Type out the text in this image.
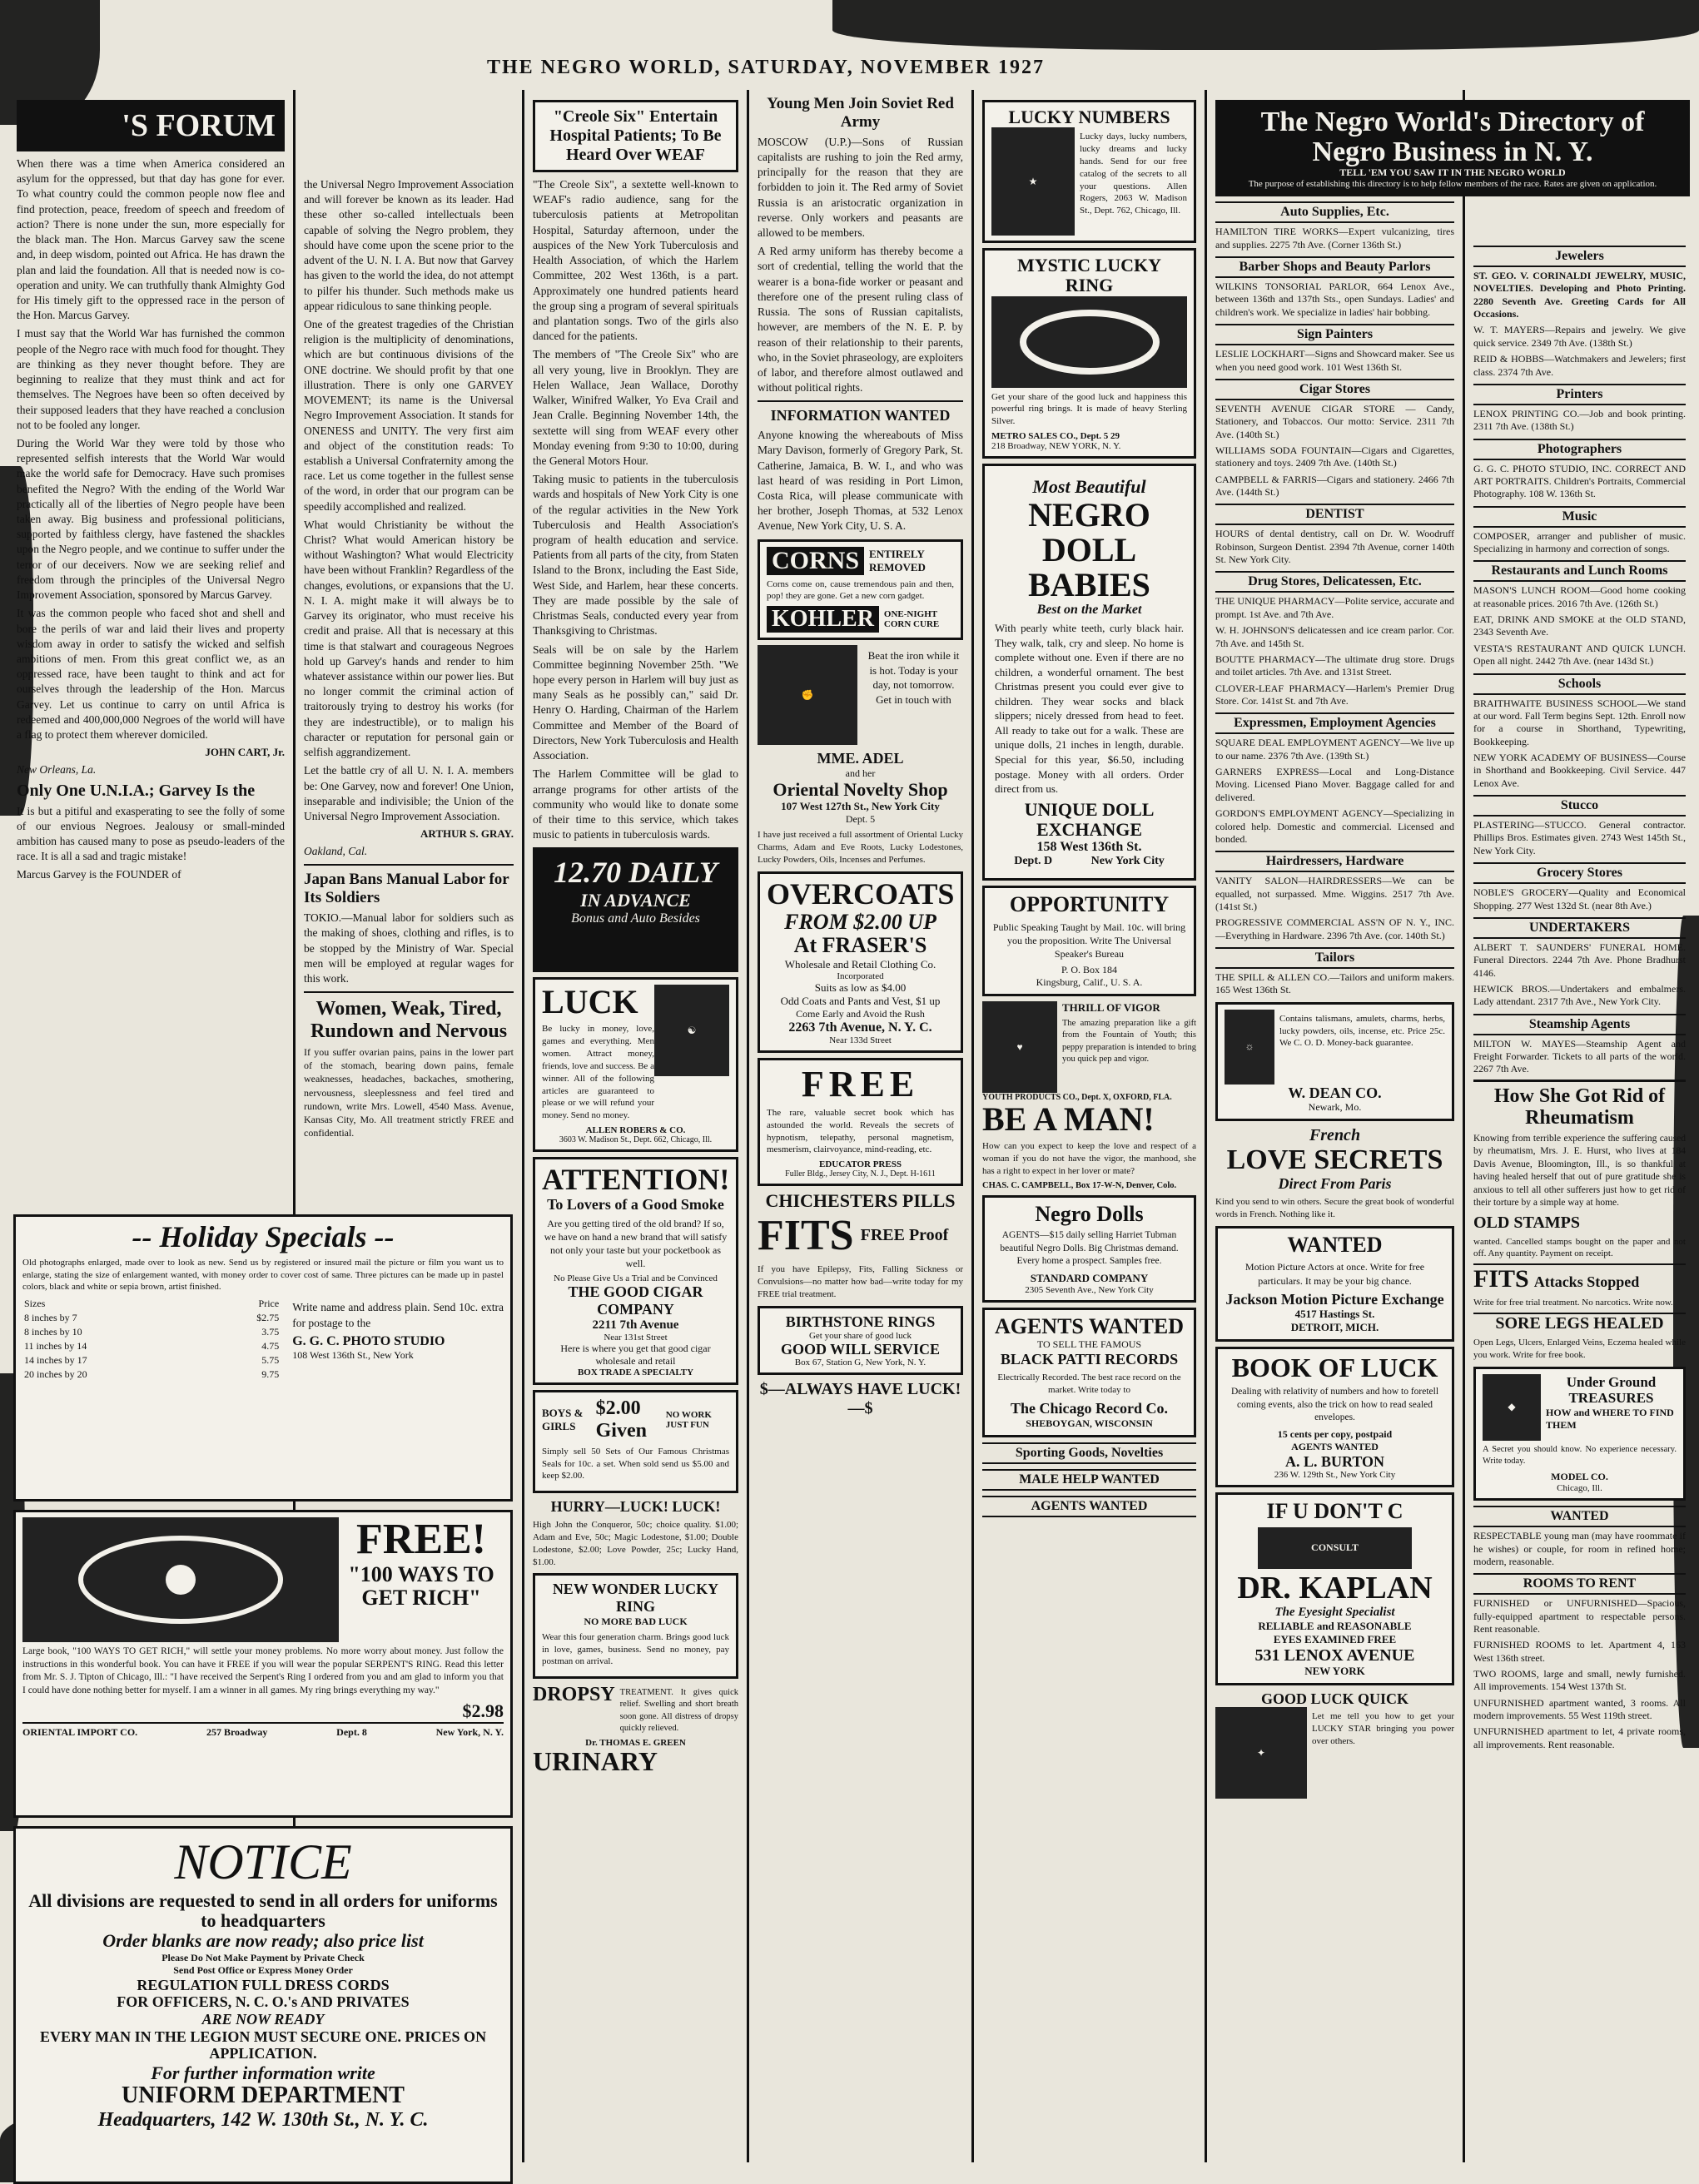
THE NEGRO WORLD, SATURDAY, NOVEMBER 1927
'S FORUM

When there was a time when America considered an asylum for the oppressed, but that day has gone for ever. To what country could the common people now flee and find protection, peace, freedom of speech and freedom of action? There is none under the sun, more especially for the black man. The Hon. Marcus Garvey saw the scene and, in deep wisdom, pointed out Africa. He has drawn the plan and laid the foundation. All that is needed now is co-operation and unity. We can truthfully thank Almighty God for His timely gift to the oppressed race in the person of the Hon. Marcus Garvey.

I must say that the World War has furnished the common people of the Negro race with much food for thought. They are thinking as they never thought before. They are beginning to realize that they must think and act for themselves. The Negroes have been so often deceived by their supposed leaders that they have reached a conclusion not to be fooled any longer.

During the World War they were told by those who represented selfish interests that the World War would make the world safe for Democracy. Have such promises benefited the Negro? With the ending of the World War practically all of the liberties of Negro people have been taken away. Big business and professional politicians, supported by faithless clergy, have fastened the shackles upon the Negro people, and we continue to suffer under the terror of our deceivers. Now we are seeking relief and freedom through the principles of the Universal Negro Improvement Association, sponsored by Marcus Garvey.

It was the common people who faced shot and shell and bore the perils of war and laid their lives and property wisdom away in order to satisfy the wicked and selfish ambitions of men. From this great conflict we, as an oppressed race, have been taught to think and act for ourselves through the leadership of the Hon. Marcus Garvey. Let us continue to carry on until Africa is redeemed and 400,000,000 Negroes of the world will have a flag to protect them wherever domiciled.

JOHN CART, Jr.

New Orleans, La.

Only One U.N.I.A.; Garvey Is the

It is but a pitiful and exasperating to see the folly of some of our envious Negroes. Jealousy or small-minded ambition has caused many to pose as pseudo-leaders of the race. It is all a sad and tragic mistake!

Marcus Garvey is the FOUNDER of

-- Holiday Specials --

Old photographs enlarged, made over to look as new. Send us by registered or insured mail the picture or film you want us to enlarge, stating the size of enlargement wanted, with money order to cover cost of same. Three pictures can be made up in pastel colors, black and white or sepia brown, artist finished.

Sizes	Price
8 inches by 7	$2.75
8 inches by 10	3.75
11 inches by 14	4.75
14 inches by 17	5.75
20 inches by 20	9.75

Write name and address plain. Send 10c. extra for postage to the

G. G. C. PHOTO STUDIO
108 West 136th St., New York
FREE!
"100 WAYS TO GET RICH"

Large book, "100 WAYS TO GET RICH," will settle your money problems. No more worry about money. Just follow the instructions in this wonderful book. You can have it FREE if you will wear the popular SERPENT'S RING. Read this letter from Mr. S. J. Tipton of Chicago, Ill.: "I have received the Serpent's Ring I ordered from you and am glad to inform you that I could have done nothing better for myself. I am a winner in all games. My ring brings everything my way."

$2.98
ORIENTAL IMPORT CO.	257 Broadway	Dept. 8	New York, N. Y.
NOTICE
All divisions are requested to send in all orders for uniforms to headquarters
Order blanks are now ready; also price list
Please Do Not Make Payment by Private Check
Send Post Office or Express Money Order
REGULATION FULL DRESS CORDS
FOR OFFICERS, N. C. O.'s AND PRIVATES
ARE NOW READY
EVERY MAN IN THE LEGION MUST SECURE ONE. PRICES ON APPLICATION.
For further information write
UNIFORM DEPARTMENT
Headquarters, 142 W. 130th St., N. Y. C.

the Universal Negro Improvement Association and will forever be known as its leader. Had these other so-called intellectuals been capable of solving the Negro problem, they should have come upon the scene prior to the advent of the U. N. I. A. But now that Garvey has given to the world the idea, do not attempt to pilfer his thunder. Such methods make us appear ridiculous to sane thinking people.

One of the greatest tragedies of the Christian religion is the multiplicity of denominations, which are but continuous divisions of the ONE doctrine. We should profit by that one illustration. There is only one GARVEY MOVEMENT; its name is the Universal Negro Improvement Association. It stands for ONENESS and UNITY. The very first aim and object of the constitution reads: To establish a Universal Confraternity among the race. Let us come together in the fullest sense of the word, in order that our program can be speedily accomplished and realized.

What would Christianity be without the Christ? What would American history be without Washington? What would Electricity have been without Franklin? Regardless of the changes, evolutions, or expansions that the U. N. I. A. might make it will always be to Garvey its originator, who must receive his credit and praise. All that is necessary at this time is that stalwart and courageous Negroes hold up Garvey's hands and render to him whatever assistance within our power lies. But no longer commit the criminal action of traitorously trying to destroy his works (for they are indestructible), or to malign his character or reputation for personal gain or selfish aggrandizement.

Let the battle cry of all U. N. I. A. members be: One Garvey, now and forever! One Union, inseparable and indivisible; the Union of the Universal Negro Improvement Association.

ARTHUR S. GRAY.

Oakland, Cal.

Japan Bans Manual Labor for Its Soldiers

TOKIO.—Manual labor for soldiers such as the making of shoes, clothing and rifles, is to be stopped by the Ministry of War. Special men will be employed at regular wages for this work.

Women, Weak, Tired, Rundown and Nervous

If you suffer ovarian pains, pains in the lower part of the stomach, bearing down pains, female weaknesses, headaches, backaches, smothering, nervousness, sleeplessness and feel tired and rundown, write Mrs. Lowell, 4540 Mass. Avenue, Kansas City, Mo. All treatment strictly FREE and confidential.

"Creole Six" Entertain Hospital Patients; To Be Heard Over WEAF

"The Creole Six", a sextette well-known to WEAF's radio audience, sang for the tuberculosis patients at Metropolitan Hospital, Saturday afternoon, under the auspices of the New York Tuberculosis and Health Association, of which the Harlem Committee, 202 West 136th, is a part. Approximately one hundred patients heard the group sing a program of several spirituals and plantation songs. Two of the girls also danced for the patients.

The members of "The Creole Six" who are all very young, live in Brooklyn. They are Helen Wallace, Jean Wallace, Dorothy Walker, Winifred Walker, Yo Eva Crail and Jean Cralle. Beginning November 14th, the sextette will sing from WEAF every other Monday evening from 9:30 to 10:00, during the General Motors Hour.

Taking music to patients in the tuberculosis wards and hospitals of New York City is one of the regular activities in the New York Tuberculosis and Health Association's program of health education and service. Patients from all parts of the city, from Staten Island to the Bronx, including the East Side, West Side, and Harlem, hear these concerts. They are made possible by the sale of Christmas Seals, conducted every year from Thanksgiving to Christmas.

Seals will be on sale by the Harlem Committee beginning November 25th. "We hope every person in Harlem will buy just as many Seals as he possibly can," said Dr. Henry O. Harding, Chairman of the Harlem Committee and Member of the Board of Directors, New York Tuberculosis and Health Association.

The Harlem Committee will be glad to arrange programs for other artists of the community who would like to donate some of their time to this service, which takes music to patients in tuberculosis wards.

12.70 DAILY
IN ADVANCE
Bonus and Auto Besides
LUCK

Be lucky in money, love, games and everything. Men women. Attract money, friends, love and success. Be a winner. All of the following articles are guaranteed to please or we will refund your money. Send no money.

☯
ALLEN ROBERS & CO.
3603 W. Madison St., Dept. 662, Chicago, Ill.
ATTENTION!
To Lovers of a Good Smoke

Are you getting tired of the old brand? If so, we have on hand a new brand that will satisfy not only your taste but your pocketbook as well.

No Please Give Us a Trial and be Convinced
THE GOOD CIGAR COMPANY
2211 7th Avenue
Near 131st Street
Here is where you get that good cigar wholesale and retail
BOX TRADE A SPECIALTY
BOYS & GIRLS
$2.00 Given
NO WORK JUST FUN

Simply sell 50 Sets of Our Famous Christmas Seals for 10c. a set. When sold send us $5.00 and keep $2.00.

HURRY—LUCK! LUCK!

High John the Conqueror, 50c; choice quality. $1.00; Adam and Eve, 50c; Magic Lodestone, $1.00; Double Lodestone, $2.00; Love Powder, 25c; Lucky Hand, $1.00.

NEW WONDER LUCKY RING
NO MORE BAD LUCK

Wear this four generation charm. Brings good luck in love, games, business. Send no money, pay postman on arrival.

DROPSY TREATMENT. It gives quick relief. Swelling and short breath soon gone. All distress of dropsy quickly relieved.

Dr. THOMAS E. GREEN
URINARY
Young Men Join Soviet Red Army

MOSCOW (U.P.)—Sons of Russian capitalists are rushing to join the Red army, principally for the reason that they are forbidden to join it. The Red army of Soviet Russia is an aristocratic organization in reverse. Only workers and peasants are allowed to be members.

A Red army uniform has thereby become a sort of credential, telling the world that the wearer is a bona-fide worker or peasant and therefore one of the present ruling class of Russia. The sons of Russian capitalists, however, are members of the N. E. P. by reason of their relationship to their parents, who, in the Soviet phraseology, are exploiters of labor, and therefore almost outlawed and without political rights.

INFORMATION WANTED

Anyone knowing the whereabouts of Miss Mary Davison, formerly of Gregory Park, St. Catherine, Jamaica, B. W. I., and who was last heard of was residing in Port Limon, Costa Rica, will please communicate with her brother, Joseph Thomas, at 532 Lenox Avenue, New York City, U. S. A.

CORNS ENTIRELY REMOVED

Corns come on, cause tremendous pain and then, pop! they are gone. Get a new corn gadget.

KOHLER	ONE-NIGHT CORN CURE
✊

Beat the iron while it is hot. Today is your day, not tomorrow. Get in touch with

MME. ADEL
and her
Oriental Novelty Shop
107 West 127th St., New York City
Dept. 5

I have just received a full assortment of Oriental Lucky Charms, Adam and Eve Roots, Lucky Lodestones, Lucky Powders, Oils, Incenses and Perfumes.

OVERCOATS
FROM $2.00 UP
At FRASER'S
Wholesale and Retail Clothing Co.
Incorporated
Suits as low as $4.00
Odd Coats and Pants and Vest, $1 up
Come Early and Avoid the Rush
2263 7th Avenue, N. Y. C.
Near 133d Street
FREE

The rare, valuable secret book which has astounded the world. Reveals the secrets of hypnotism, telepathy, personal magnetism, mesmerism, clairvoyance, mind-reading, etc.

EDUCATOR PRESS
Fuller Bldg., Jersey City, N. J., Dept. H-1611
CHICHESTERS PILLS
FITS FREE Proof

If you have Epilepsy, Fits, Falling Sickness or Convulsions—no matter how bad—write today for my FREE trial treatment.

BIRTHSTONE RINGS
Get your share of good luck
GOOD WILL SERVICE
Box 67, Station G, New York, N. Y.
$—ALWAYS HAVE LUCK!—$
LUCKY NUMBERS
★

Lucky days, lucky numbers, lucky dreams and lucky hands. Send for our free catalog of the secrets to all your questions. Allen Rogers, 2063 W. Madison St., Dept. 762, Chicago, Ill.

MYSTIC LUCKY RING

Get your share of the good luck and happiness this powerful ring brings. It is made of heavy Sterling Silver.

METRO SALES CO., Dept. 5 29
218 Broadway, NEW YORK, N. Y.
Most Beautiful
NEGRO DOLL BABIES
Best on the Market

With pearly white teeth, curly black hair. They walk, talk, cry and sleep. No home is complete without one. Even if there are no children, a wonderful ornament. The best Christmas present you could ever give to children. They wear socks and black slippers; nicely dressed from head to feet. All ready to take out for a walk. These are unique dolls, 21 inches in length, durable. Special for this year, $6.50, including postage. Money with all orders. Order direct from us.

UNIQUE DOLL EXCHANGE
158 West 136th St.
Dept. D	New York City
OPPORTUNITY

Public Speaking Taught by Mail. 10c. will bring you the proposition. Write The Universal Speaker's Bureau

P. O. Box 184
Kingsburg, Calif., U. S. A.
♥
THRILL OF VIGOR

The amazing preparation like a gift from the Fountain of Youth; this peppy preparation is intended to bring you quick pep and vigor.

YOUTH PRODUCTS CO., Dept. X, OXFORD, FLA.
BE A MAN!

How can you expect to keep the love and respect of a woman if you do not have the vigor, the manhood, she has a right to expect in her lover or mate?

CHAS. C. CAMPBELL, Box 17-W-N, Denver, Colo.
Negro Dolls

AGENTS—$15 daily selling Harriet Tubman beautiful Negro Dolls. Big Christmas demand. Every home a prospect. Samples free.

STANDARD COMPANY
2305 Seventh Ave., New York City
AGENTS WANTED
TO SELL THE FAMOUS
BLACK PATTI RECORDS

Electrically Recorded. The best race record on the market. Write today to

The Chicago Record Co.
SHEBOYGAN, WISCONSIN
Sporting Goods, Novelties
MALE HELP WANTED
AGENTS WANTED
The Negro World's Directory of Negro Business in N. Y.
TELL 'EM YOU SAW IT IN THE NEGRO WORLD
The purpose of establishing this directory is to help fellow members of the race. Rates are given on application.
Auto Supplies, Etc.
HAMILTON TIRE WORKS—Expert vulcanizing, tires and supplies. 2275 7th Ave. (Corner 136th St.)
Barber Shops and Beauty Parlors
WILKINS TONSORIAL PARLOR, 664 Lenox Ave., between 136th and 137th Sts., open Sundays. Ladies' and children's work. We specialize in ladies' hair bobbing.
Sign Painters
LESLIE LOCKHART—Signs and Showcard maker. See us when you need good work. 101 West 136th St.
Cigar Stores
SEVENTH AVENUE CIGAR STORE — Candy, Stationery, and Tobaccos. Our motto: Service. 2311 7th Ave. (140th St.)
WILLIAMS SODA FOUNTAIN—Cigars and Cigarettes, stationery and toys. 2409 7th Ave. (140th St.)
CAMPBELL & FARRIS—Cigars and stationery. 2466 7th Ave. (144th St.)
DENTIST
HOURS of dental dentistry, call on Dr. W. Woodruff Robinson, Surgeon Dentist. 2394 7th Avenue, corner 140th St. New York City.
Drug Stores, Delicatessen, Etc.
THE UNIQUE PHARMACY—Polite service, accurate and prompt. 1st Ave. and 7th Ave.
W. H. JOHNSON'S delicatessen and ice cream parlor. Cor. 7th Ave. and 145th St.
BOUTTE PHARMACY—The ultimate drug store. Drugs and toilet articles. 7th Ave. and 131st Street.
CLOVER-LEAF PHARMACY—Harlem's Premier Drug Store. Cor. 141st St. and 7th Ave.
Expressmen, Employment Agencies
SQUARE DEAL EMPLOYMENT AGENCY—We live up to our name. 2376 7th Ave. (139th St.)
GARNERS EXPRESS—Local and Long-Distance Moving. Licensed Piano Mover. Baggage called for and delivered.
GORDON'S EMPLOYMENT AGENCY—Specializing in colored help. Domestic and commercial. Licensed and bonded.
Hairdressers, Hardware
VANITY SALON—HAIRDRESSERS—We can be equalled, not surpassed. Mme. Wiggins. 2517 7th Ave. (141st St.)
PROGRESSIVE COMMERCIAL ASS'N OF N. Y., INC.—Everything in Hardware. 2396 7th Ave. (cor. 140th St.)
Tailors
THE SPILL & ALLEN CO.—Tailors and uniform makers. 165 West 136th St.
☼

Contains talismans, amulets, charms, herbs, lucky powders, oils, incense, etc. Price 25c. We C. O. D. Money-back guarantee.

W. DEAN CO.
Newark, Mo.
French
LOVE SECRETS
Direct From Paris

Kind you send to win others. Secure the great book of wonderful words in French. Nothing like it.

WANTED

Motion Picture Actors at once. Write for free particulars. It may be your big chance.

Jackson Motion Picture Exchange
4517 Hastings St.
DETROIT, MICH.
BOOK OF LUCK

Dealing with relativity of numbers and how to foretell coming events, also the trick on how to read sealed envelopes.

15 cents per copy, postpaid
AGENTS WANTED
A. L. BURTON
236 W. 129th St., New York City
IF U DON'T C
CONSULT
DR. KAPLAN
The Eyesight Specialist
RELIABLE and REASONABLE
EYES EXAMINED FREE
531 LENOX AVENUE
NEW YORK
GOOD LUCK QUICK
✦

Let me tell you how to get your LUCKY STAR bringing you power over others.

Jewelers
ST. GEO. V. CORINALDI JEWELRY, MUSIC, NOVELTIES. Developing and Photo Printing. 2280 Seventh Ave. Greeting Cards for All Occasions.
W. T. MAYERS—Repairs and jewelry. We give quick service. 2349 7th Ave. (138th St.)
REID & HOBBS—Watchmakers and Jewelers; first class. 2374 7th Ave.
Printers
LENOX PRINTING CO.—Job and book printing. 2311 7th Ave. (138th St.)
Photographers
G. G. C. PHOTO STUDIO, INC. CORRECT AND ART PORTRAITS. Children's Portraits, Commercial Photography. 108 W. 136th St.
Music
COMPOSER, arranger and publisher of music. Specializing in harmony and correction of songs.
Restaurants and Lunch Rooms
MASON'S LUNCH ROOM—Good home cooking at reasonable prices. 2016 7th Ave. (126th St.)
EAT, DRINK AND SMOKE at the OLD STAND, 2343 Seventh Ave.
VESTA'S RESTAURANT AND QUICK LUNCH. Open all night. 2442 7th Ave. (near 143d St.)
Schools
BRAITHWAITE BUSINESS SCHOOL—We stand at our word. Fall Term begins Sept. 12th. Enroll now for a course in Shorthand, Typewriting, Bookkeeping.
NEW YORK ACADEMY OF BUSINESS—Course in Shorthand and Bookkeeping. Civil Service. 447 Lenox Ave.
Stucco
PLASTERING—STUCCO. General contractor. Phillips Bros. Estimates given. 2743 West 145th St., New York City.
Grocery Stores
NOBLE'S GROCERY—Quality and Economical Shopping. 277 West 132d St. (near 8th Ave.)
UNDERTAKERS
ALBERT T. SAUNDERS' FUNERAL HOME. Funeral Directors. 2244 7th Ave. Phone Bradhurst 4146.
HEWICK BROS.—Undertakers and embalmers. Lady attendant. 2317 7th Ave., New York City.
Steamship Agents
MILTON W. MAYES—Steamship Agent and Freight Forwarder. Tickets to all parts of the world. 2267 7th Ave.
How She Got Rid of Rheumatism

Knowing from terrible experience the suffering caused by rheumatism, Mrs. J. E. Hurst, who lives at 184 Davis Avenue, Bloomington, Ill., is so thankful at having healed herself that out of pure gratitude she is anxious to tell all other sufferers just how to get rid of their torture by a simple way at home.

OLD STAMPS

wanted. Cancelled stamps bought on the paper and not off. Any quantity. Payment on receipt.

FITS Attacks Stopped

Write for free trial treatment. No narcotics. Write now.

SORE LEGS HEALED

Open Legs, Ulcers, Enlarged Veins, Eczema healed while you work. Write for free book.

◆
Under Ground TREASURES
HOW and WHERE TO FIND THEM

A Secret you should know. No experience necessary. Write today.

MODEL CO.
Chicago, Ill.
WANTED
RESPECTABLE young man (may have roommate if he wishes) or couple, for room in refined home; modern, reasonable.
ROOMS TO RENT
FURNISHED or UNFURNISHED—Spacious, fully-equipped apartment to respectable persons. Rent reasonable.
FURNISHED ROOMS to let. Apartment 4, 163 West 136th street.
TWO ROOMS, large and small, newly furnished. All improvements. 154 West 137th St.
UNFURNISHED apartment wanted, 3 rooms. All modern improvements. 55 West 119th street.
UNFURNISHED apartment to let, 4 private rooms, all improvements. Rent reasonable.
